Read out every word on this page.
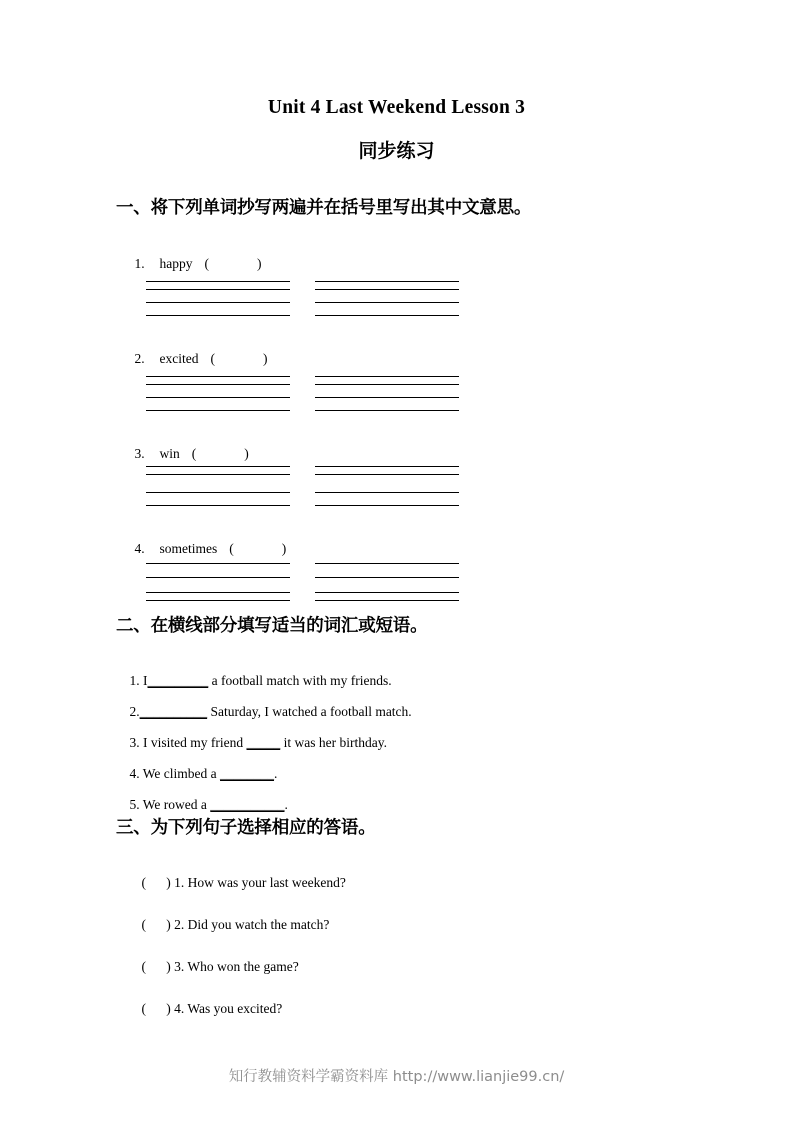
Unit 4 Last Weekend Lesson 3
同步练习
一、将下列单词抄写两遍并在括号里写出其中文意思。

1. happy (	)

2. excited (	)

3. win (	)

4. sometimes (	)

二、在横线部分填写适当的词汇或短语。

1. I_________ a football match with my friends.

2.__________ Saturday, I watched a football match.

3. I visited my friend _____ it was her birthday.

4. We climbed a ________.

5. We rowed a ___________.

三、为下列句子选择相应的答语。

(      ) 1. How was your last weekend?

(      ) 2. Did you watch the match?

(      ) 3. Who won the game?

(      ) 4. Was you excited?

知行教辅资料学霸资料库 http://www.lianjie99.cn/
